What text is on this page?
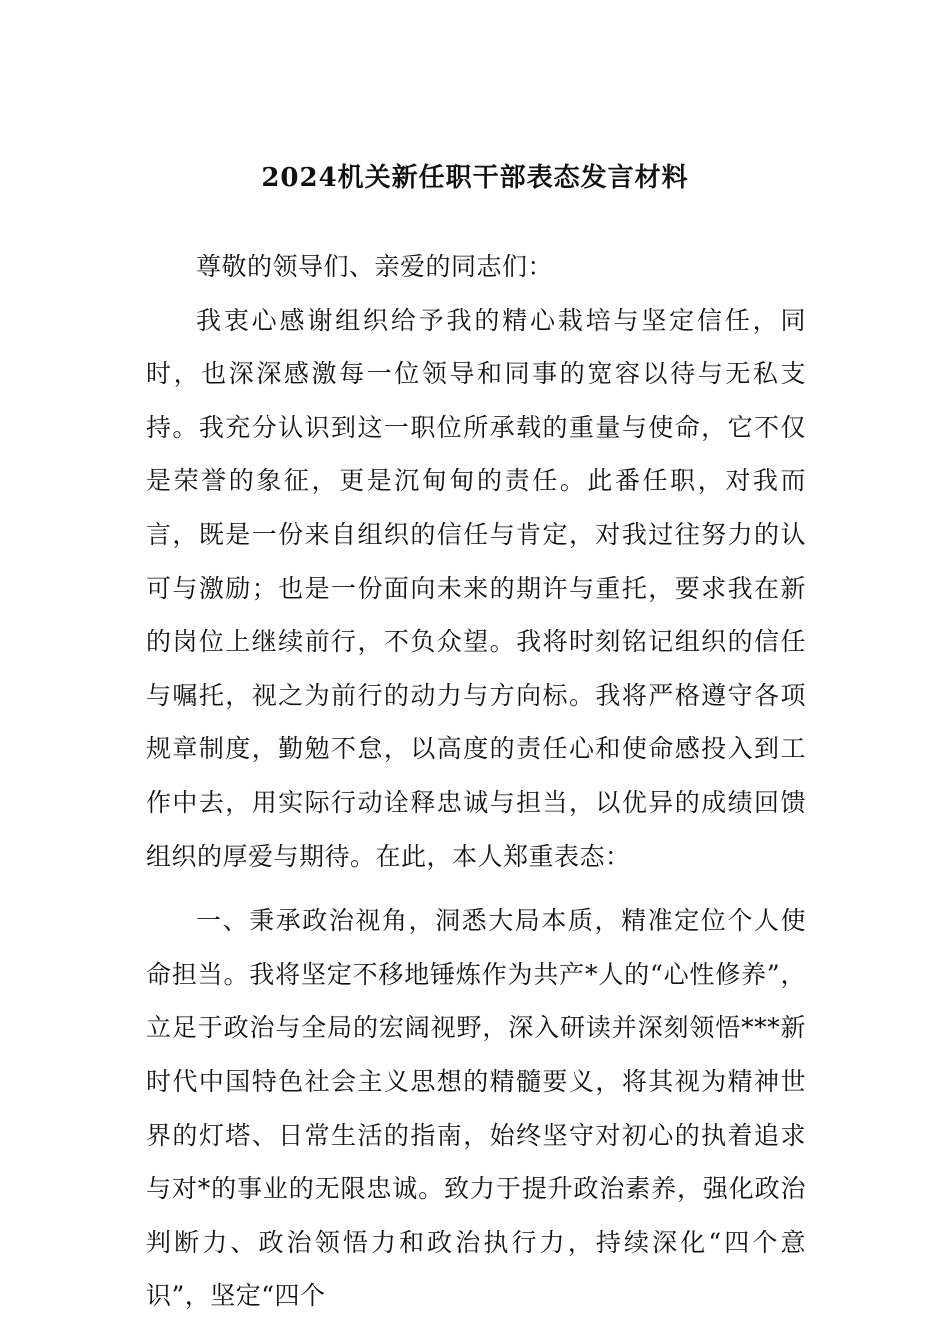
2024机关新任职干部表态发言材料

尊敬的领导们、亲爱的同志们：

我衷心感谢组织给予我的精心栽培与坚定信任，同时，也深深感激每一位领导和同事的宽容以待与无私支持。我充分认识到这一职位所承载的重量与使命，它不仅是荣誉的象征，更是沉甸甸的责任。此番任职，对我而言，既是一份来自组织的信任与肯定，对我过往努力的认可与激励；也是一份面向未来的期许与重托，要求我在新的岗位上继续前行，不负众望。我将时刻铭记组织的信任与嘱托，视之为前行的动力与方向标。我将严格遵守各项规章制度，勤勉不怠，以高度的责任心和使命感投入到工作中去，用实际行动诠释忠诚与担当，以优异的成绩回馈组织的厚爱与期待。在此，本人郑重表态：

一、秉承政治视角，洞悉大局本质，精准定位个人使命担当。我将坚定不移地锤炼作为共产*人的“心性修养”，立足于政治与全局的宏阔视野，深入研读并深刻领悟***新时代中国特色社会主义思想的精髓要义，将其视为精神世界的灯塔、日常生活的指南，始终坚守对初心的执着追求与对*的事业的无限忠诚。致力于提升政治素养，强化政治判断力、政治领悟力和政治执行力，持续深化“四个意识”，坚定“四个
